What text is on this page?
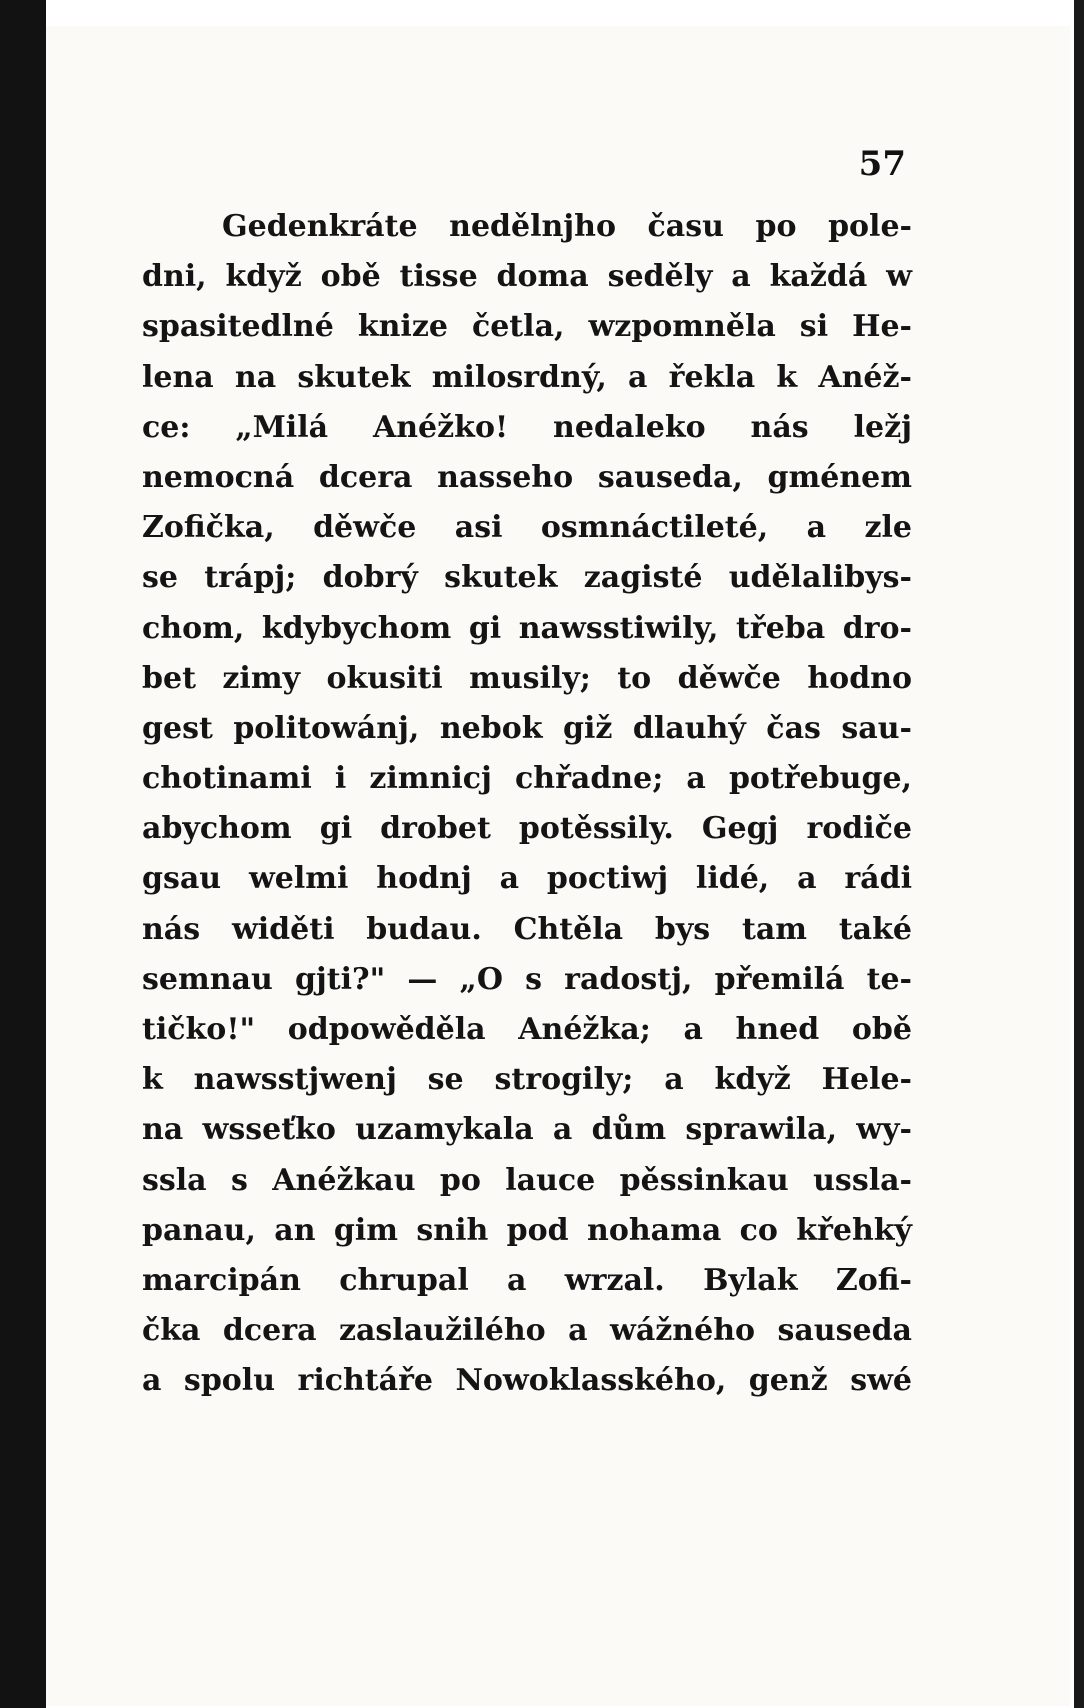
57

Gedenkráte nedělnjho času po pole-
dni, když obě tisse doma seděly a každá w
spasitedlné knize četla, wzpomněla si He-
lena na skutek milosrdný, a řekla k Anéž-
ce: „Milá Anéžko! nedaleko nás ležj
nemocná dcera nasseho sauseda, gménem
Zofička, děwče asi osmnáctileté, a zle
se trápj; dobrý skutek zagisté udělalibys-
chom, kdybychom gi nawsstiwily, třeba dro-
bet zimy okusiti musily; to děwče hodno
gest politowánj, nebok giž dlauhý čas sau-
chotinami i zimnicj chřadne; a potřebuge,
abychom gi drobet potěssily. Gegj rodiče
gsau welmi hodnj a poctiwj lidé, a rádi
nás widěti budau. Chtěla bys tam také
semnau gjti?" — „O s radostj, přemilá te-
tičko!" odpowěděla Anéžka; a hned obě
k nawsstjwenj se strogily; a když Hele-
na wsseťko uzamykala a dům sprawila, wy-
ssla s Anéžkau po lauce pěssinkau ussla-
panau, an gim snih pod nohama co křehký
marcipán chrupal a wrzal. Bylak Zofi-
čka dcera zaslaužilého a wážného sauseda
a spolu richtáře Nowoklasského, genž swé
